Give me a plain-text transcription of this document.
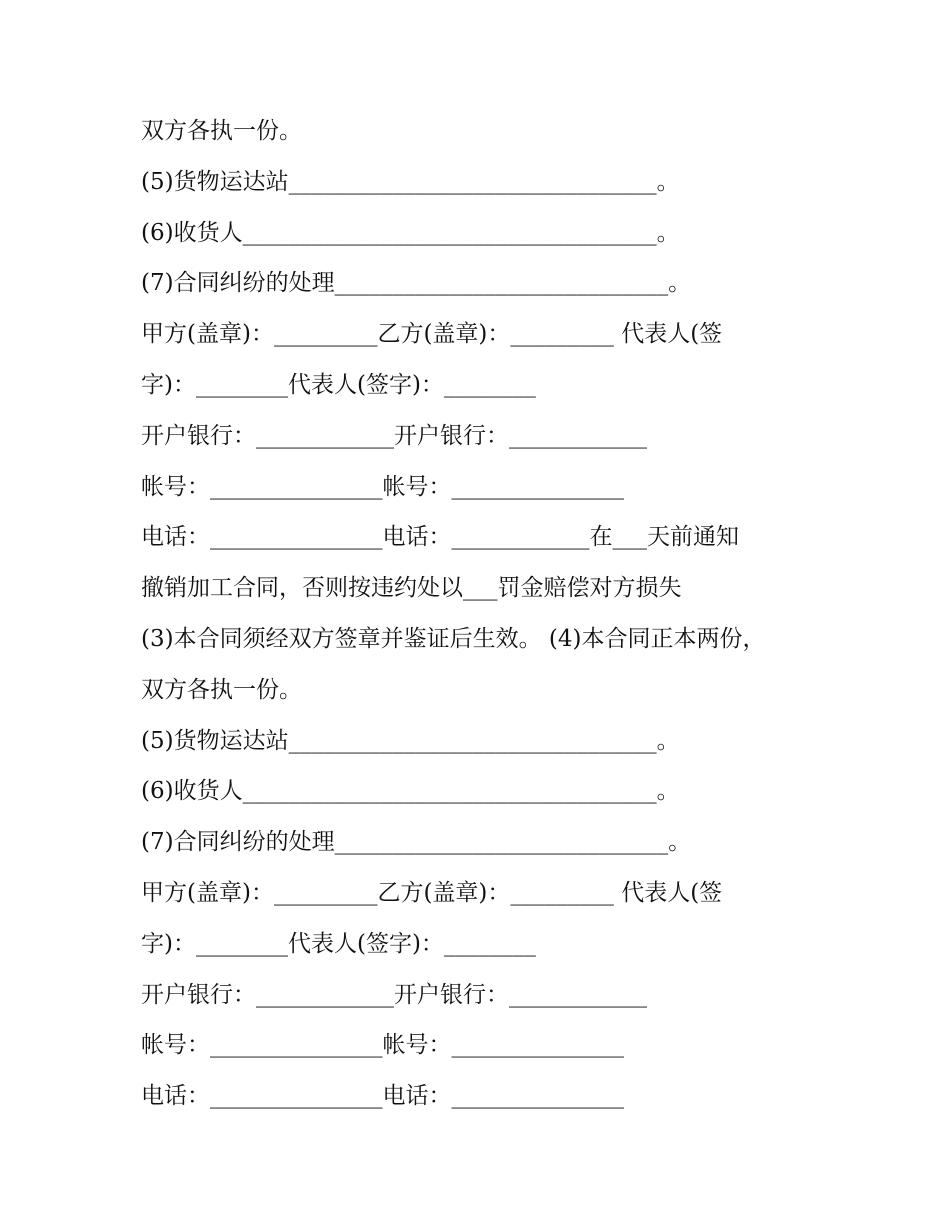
双方各执一份。
(5)货物运达站________________________________。
(6)收货人____________________________________。
(7)合同纠纷的处理_____________________________。
甲方(盖章)：_________乙方(盖章)：_________ 代表人(签
字)：________代表人(签字)：________
开户银行：____________开户银行：____________
帐号：_______________帐号：_______________
电话：_______________电话：____________在___天前通知
撤销加工合同，否则按违约处以___罚金赔偿对方损失
(3)本合同须经双方签章并鉴证后生效。 (4)本合同正本两份，
双方各执一份。
(5)货物运达站________________________________。
(6)收货人____________________________________。
(7)合同纠纷的处理_____________________________。
甲方(盖章)：_________乙方(盖章)：_________ 代表人(签
字)：________代表人(签字)：________
开户银行：____________开户银行：____________
帐号：_______________帐号：_______________
电话：_______________电话：_______________
